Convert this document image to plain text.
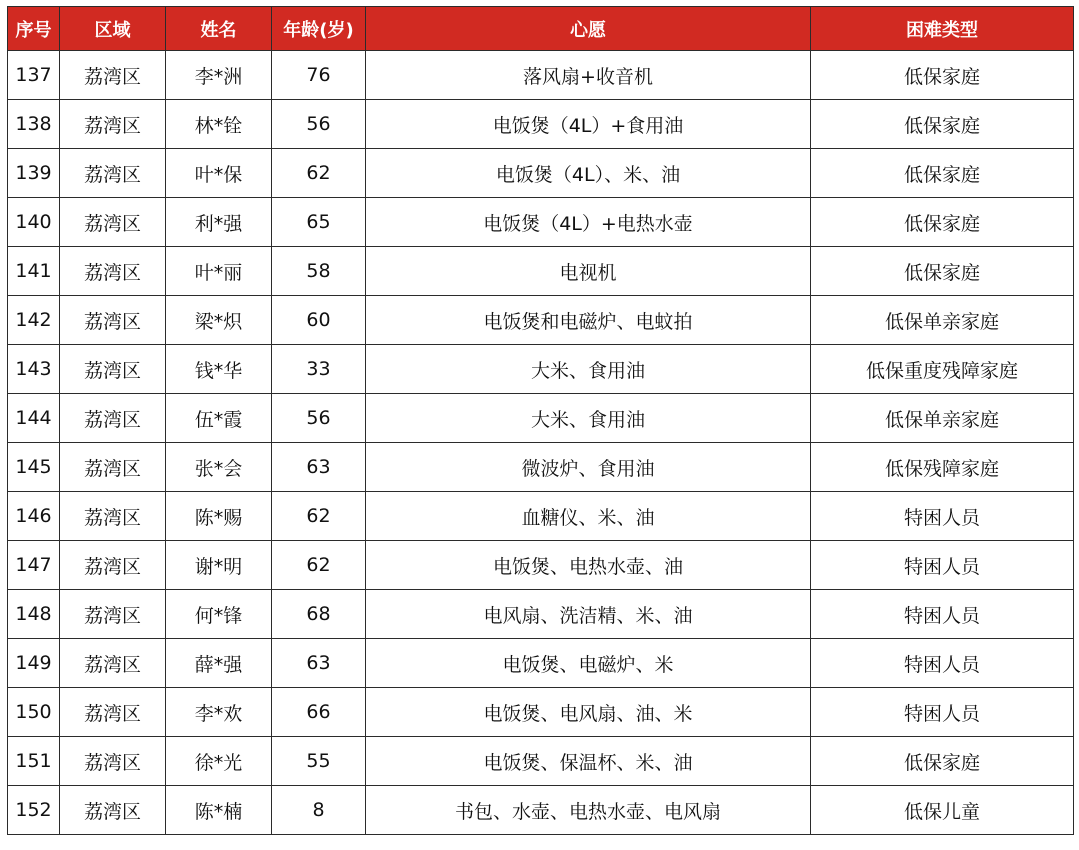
序号	区域	姓名	年龄(岁)	心愿	困难类型
137	荔湾区	李*洲	76	落风扇+收音机	低保家庭
138	荔湾区	林*铨	56	电饭煲（4L）+食用油	低保家庭
139	荔湾区	叶*保	62	电饭煲（4L）、米、油	低保家庭
140	荔湾区	利*强	65	电饭煲（4L）+电热水壶	低保家庭
141	荔湾区	叶*丽	58	电视机	低保家庭
142	荔湾区	梁*炽	60	电饭煲和电磁炉、电蚊拍	低保单亲家庭
143	荔湾区	钱*华	33	大米、食用油	低保重度残障家庭
144	荔湾区	伍*霞	56	大米、食用油	低保单亲家庭
145	荔湾区	张*会	63	微波炉、食用油	低保残障家庭
146	荔湾区	陈*赐	62	血糖仪、米、油	特困人员
147	荔湾区	谢*明	62	电饭煲、电热水壶、油	特困人员
148	荔湾区	何*锋	68	电风扇、洗洁精、米、油	特困人员
149	荔湾区	薛*强	63	电饭煲、电磁炉、米	特困人员
150	荔湾区	李*欢	66	电饭煲、电风扇、油、米	特困人员
151	荔湾区	徐*光	55	电饭煲、保温杯、米、油	低保家庭
152	荔湾区	陈*楠	8	书包、水壶、电热水壶、电风扇	低保儿童
